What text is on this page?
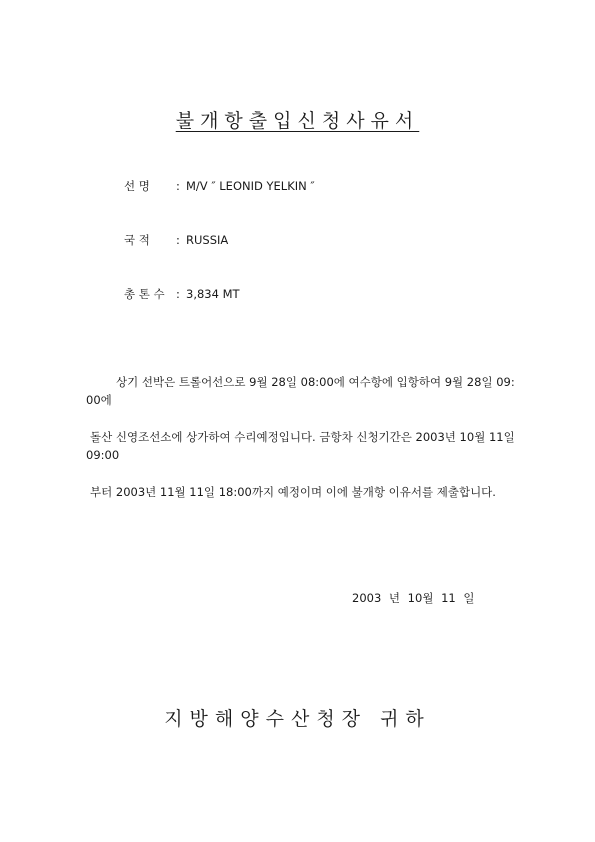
불개항출입신청사유서
선 명 : M/V ″ LEONID YELKIN ″
국 적 : RUSSIA
총 톤 수 : 3,834 MT
상기 선박은 트롤어선으로 9월 28일 08:00에 여수항에 입항하여 9월 28일 09:00에
돌산 신영조선소에 상가하여 수리예정입니다. 금항차 신청기간은 2003년 10월 11일 09:00
부터 2003년 11월 11일 18:00까지 예정이며 이에 불개항 이유서를 제출합니다.
2003 년 10월 11 일
지방해양수산청장 귀하
